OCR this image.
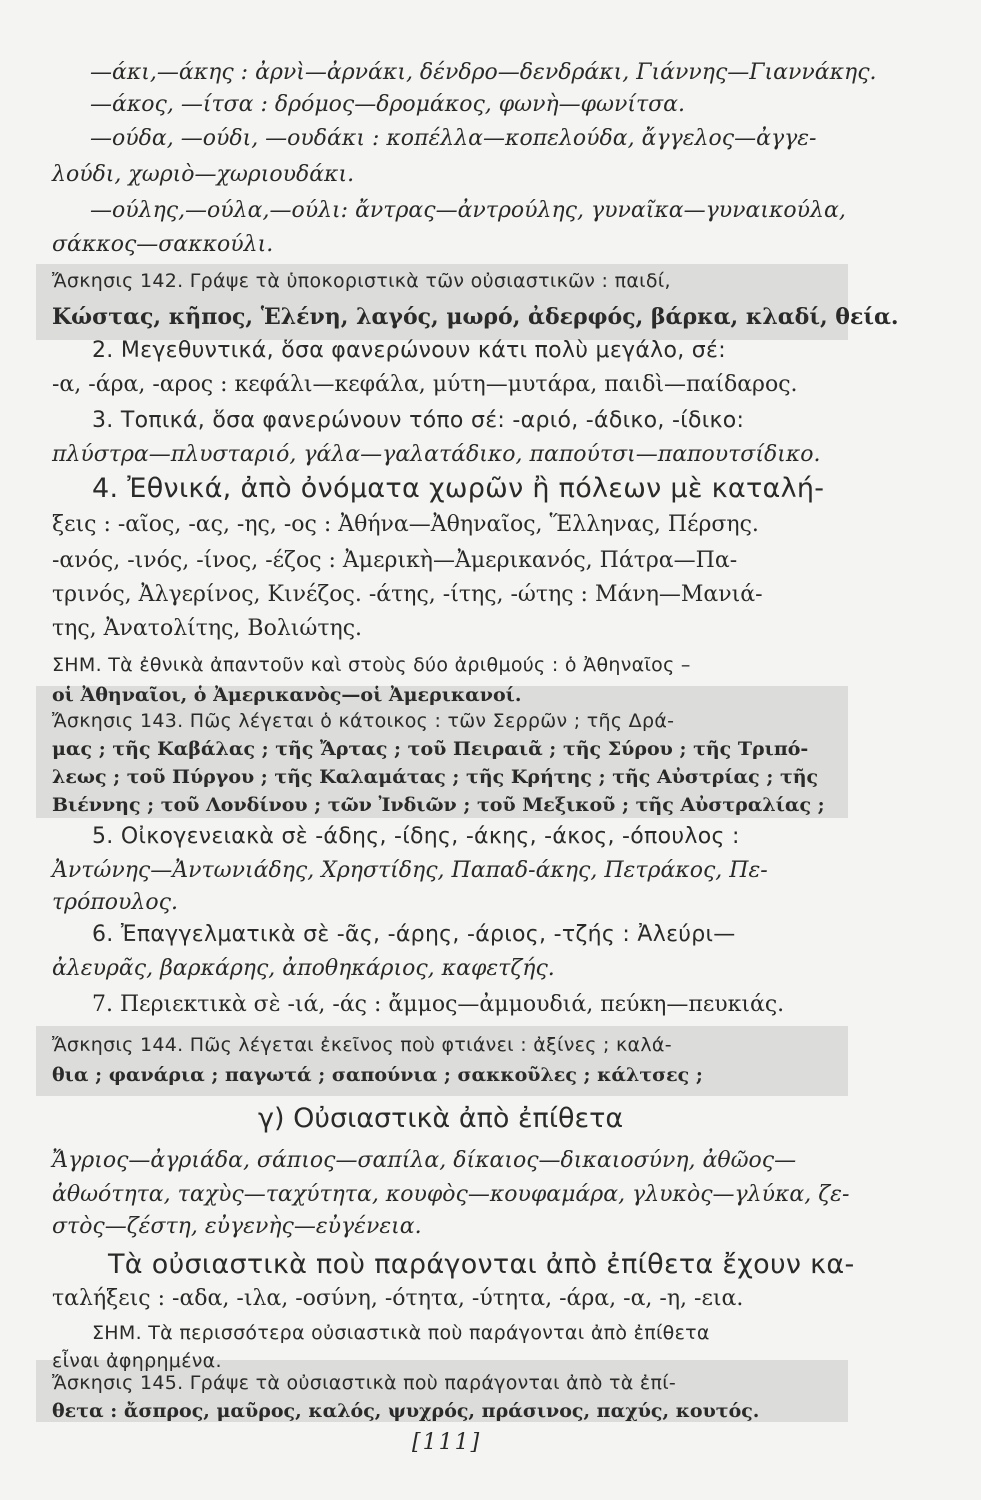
—άκι,—άκης : ἀρνὶ—ἀρνάκι, δένδρο—δενδράκι, Γιάννης—Γιαννάκης.
—άκος, —ίτσα : δρόμος—δρομάκος, φωνὴ—φωνίτσα.
—ούδα, —ούδι, —ουδάκι : κοπέλλα—κοπελούδα, ἄγγελος—ἀγγε-
λούδι, χωριὸ—χωριουδάκι.
—ούλης,—ούλα,—ούλι: ἄντρας—ἀντρούλης, γυναῖκα—γυναικούλα,
σάκκος—σακκούλι.
Ἄσκησις 142. Γράψε τὰ ὑποκοριστικὰ τῶν οὐσιαστικῶν : παιδί,
Κώστας, κῆπος, Ἑλένη, λαγός, μωρό, ἀδερφός, βάρκα, κλαδί, θεία.
2. Μεγεθυντικά, ὅσα φανερώνουν κάτι πολὺ μεγάλο, σέ:
-α, -άρα, -αρος : κεφάλι—κεφάλα, μύτη—μυτάρα, παιδὶ—παίδαρος.
3. Τοπικά, ὅσα φανερώνουν τόπο σέ: -αριό, -άδικο, -ίδικο:
πλύστρα—πλυσταριό, γάλα—γαλατάδικο, παπούτσι—παπουτσίδικο.
4. Ἐθνικά, ἀπὸ ὀνόματα χωρῶν ἢ πόλεων μὲ καταλή-
ξεις : -αῖος, -ας, -ης, -ος : Ἀθήνα—Ἀθηναῖος, Ἕλληνας, Πέρσης.
-ανός, -ινός, -ίνος, -έζος : Ἀμερικὴ—Ἀμερικανός, Πάτρα—Πα-
τρινός, Ἀλγερίνος, Κινέζος. -άτης, -ίτης, -ώτης : Μάνη—Μανιά-
της, Ἀνατολίτης, Βολιώτης.
ΣΗΜ. Τὰ ἐθνικὰ ἀπαντοῦν καὶ στοὺς δύο ἀριθμούς : ὁ Ἀθηναῖος –
οἱ Ἀθηναῖοι, ὁ Ἀμερικανὸς—οἱ Ἀμερικανοί.
Ἄσκησις 143. Πῶς λέγεται ὁ κάτοικος : τῶν Σερρῶν ; τῆς Δρά-
μας ; τῆς Καβάλας ; τῆς Ἄρτας ; τοῦ Πειραιᾶ ; τῆς Σύρου ; τῆς Τριπό-
λεως ; τοῦ Πύργου ; τῆς Καλαμάτας ; τῆς Κρήτης ; τῆς Αὐστρίας ; τῆς
Βιέννης ; τοῦ Λονδίνου ; τῶν Ἰνδιῶν ; τοῦ Μεξικοῦ ; τῆς Αὐστραλίας ;
5. Οἰκογενειακὰ σὲ -άδης, -ίδης, -άκης, -άκος, -όπουλος :
Ἀντώνης—Ἀντωνιάδης, Χρηστίδης, Παπαδ-άκης, Πετράκος, Πε-
τρόπουλος.
6. Ἐπαγγελματικὰ σὲ -ᾶς, -άρης, -άριος, -τζής : Ἀλεύρι—
ἀλευρᾶς, βαρκάρης, ἀποθηκάριος, καφετζής.
7. Περιεκτικὰ σὲ -ιά, -άς : ἄμμος—ἀμμουδιά, πεύκη—πευκιάς.
Ἄσκησις 144. Πῶς λέγεται ἐκεῖνος ποὺ φτιάνει : ἀξίνες ; καλά-
θια ; φανάρια ; παγωτά ; σαπούνια ; σακκοῦλες ; κάλτσες ;
γ) Οὐσιαστικὰ ἀπὸ ἐπίθετα
Ἄγριος—ἀγριάδα, σάπιος—σαπίλα, δίκαιος—δικαιοσύνη, ἀθῶος—
ἀθωότητα, ταχὺς—ταχύτητα, κουφὸς—κουφαμάρα, γλυκὸς—γλύκα, ζε-
στὸς—ζέστη, εὐγενὴς—εὐγένεια.
Τὰ οὐσιαστικὰ ποὺ παράγονται ἀπὸ ἐπίθετα ἔχουν κα-
ταλήξεις : -αδα, -ιλα, -οσύνη, -ότητα, -ύτητα, -άρα, -α, -η, -εια.
ΣΗΜ. Τὰ περισσότερα οὐσιαστικὰ ποὺ παράγονται ἀπὸ ἐπίθετα
εἶναι ἀφηρημένα.
Ἄσκησις 145. Γράψε τὰ οὐσιαστικὰ ποὺ παράγονται ἀπὸ τὰ ἐπί-
θετα : ἄσπρος, μαῦρος, καλός, ψυχρός, πράσινος, παχύς, κουτός.
[111]
